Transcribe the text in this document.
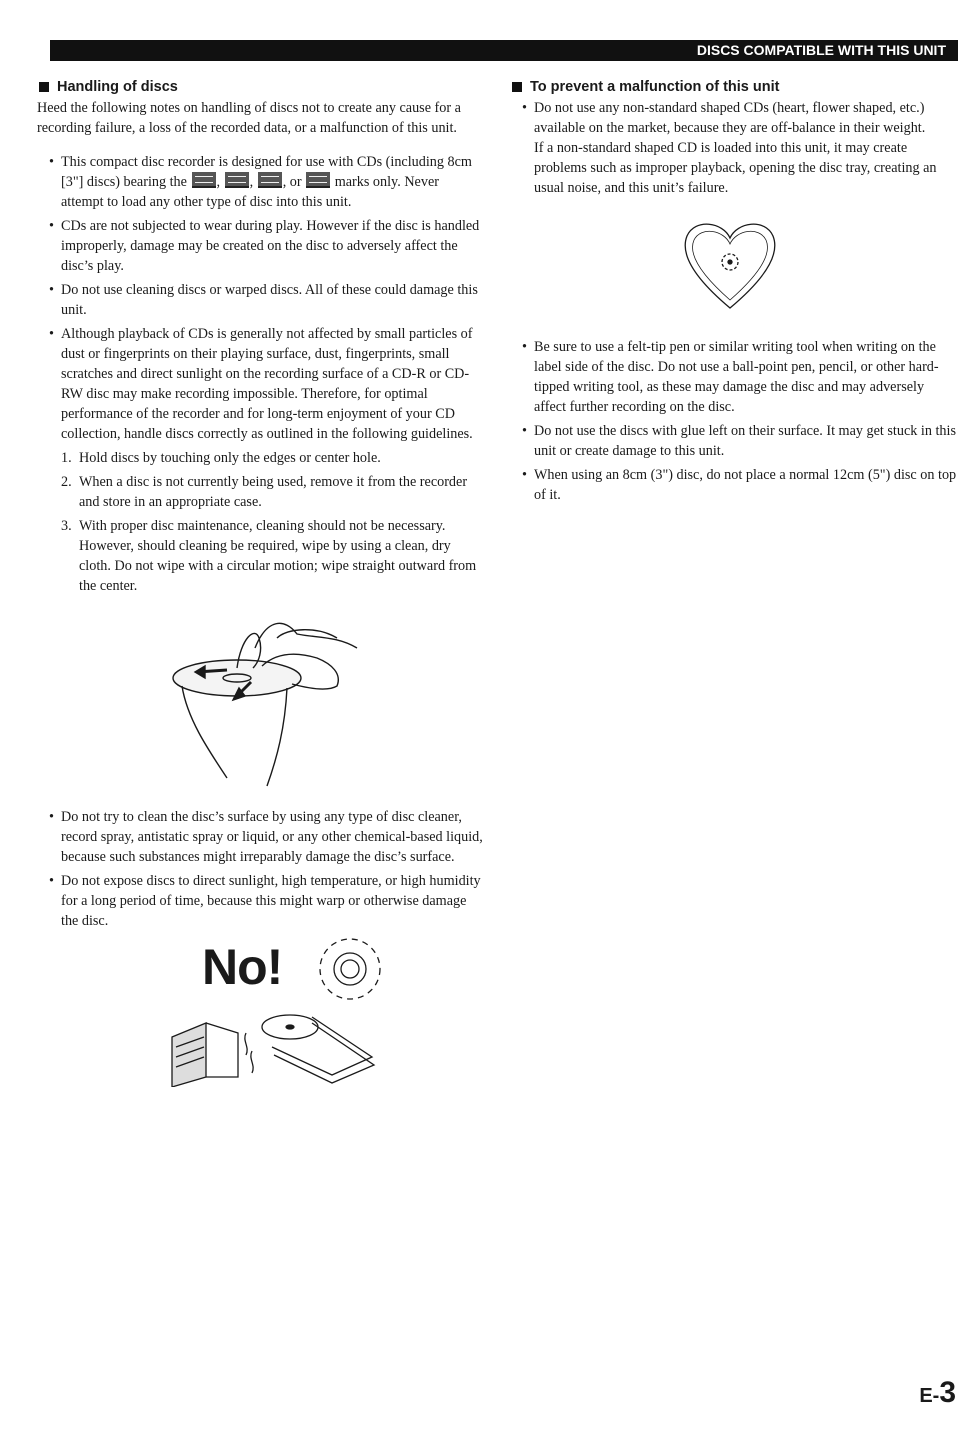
DISCS COMPATIBLE WITH THIS UNIT
Handling of discs

Heed the following notes on handling of discs not to create any cause for a recording failure, a loss of the recorded data, or a malfunction of this unit.

• This compact disc recorder is designed for use with CDs (including 8cm [3"] discs) bearing the , , , or marks only. Never attempt to load any other type of disc into this unit.
• CDs are not subjected to wear during play. However if the disc is handled improperly, damage may be created on the disc to adversely affect the disc’s play.
• Do not use cleaning discs or warped discs. All of these could damage this unit.
• Although playback of CDs is generally not affected by small particles of dust or fingerprints on their playing surface, dust, fingerprints, small scratches and direct sunlight on the recording surface of a CD-R or CD-RW disc may make recording impossible. Therefore, for optimal performance of the recorder and for long-term enjoyment of your CD collection, handle discs correctly as outlined in the following guidelines.
1. Hold discs by touching only the edges or center hole.
2. When a disc is not currently being used, remove it from the recorder and store in an appropriate case.
3. With proper disc maintenance, cleaning should not be necessary. However, should cleaning be required, wipe by using a clean, dry cloth. Do not wipe with a circular motion; wipe straight outward from the center.
• Do not try to clean the disc’s surface by using any type of disc cleaner, record spray, antistatic spray or liquid, or any other chemical-based liquid, because such substances might irreparably damage the disc’s surface.
• Do not expose discs to direct sunlight, high temperature, or high humidity for a long period of time, because this might warp or otherwise damage the disc.
No!
To prevent a malfunction of this unit

• Do not use any non-standard shaped CDs (heart, flower shaped, etc.) available on the market, because they are off-balance in their weight.

If a non-standard shaped CD is loaded into this unit, it may create problems such as improper playback, opening the disc tray, creating an usual noise, and this unit’s failure.

• Be sure to use a felt-tip pen or similar writing tool when writing on the label side of the disc. Do not use a ball-point pen, pencil, or other hard-tipped writing tool, as these may damage the disc and may adversely affect further recording on the disc.
• Do not use the discs with glue left on their surface. It may get stuck in this unit or create damage to this unit.
• When using an 8cm (3") disc, do not place a normal 12cm (5") disc on top of it.
E-3
